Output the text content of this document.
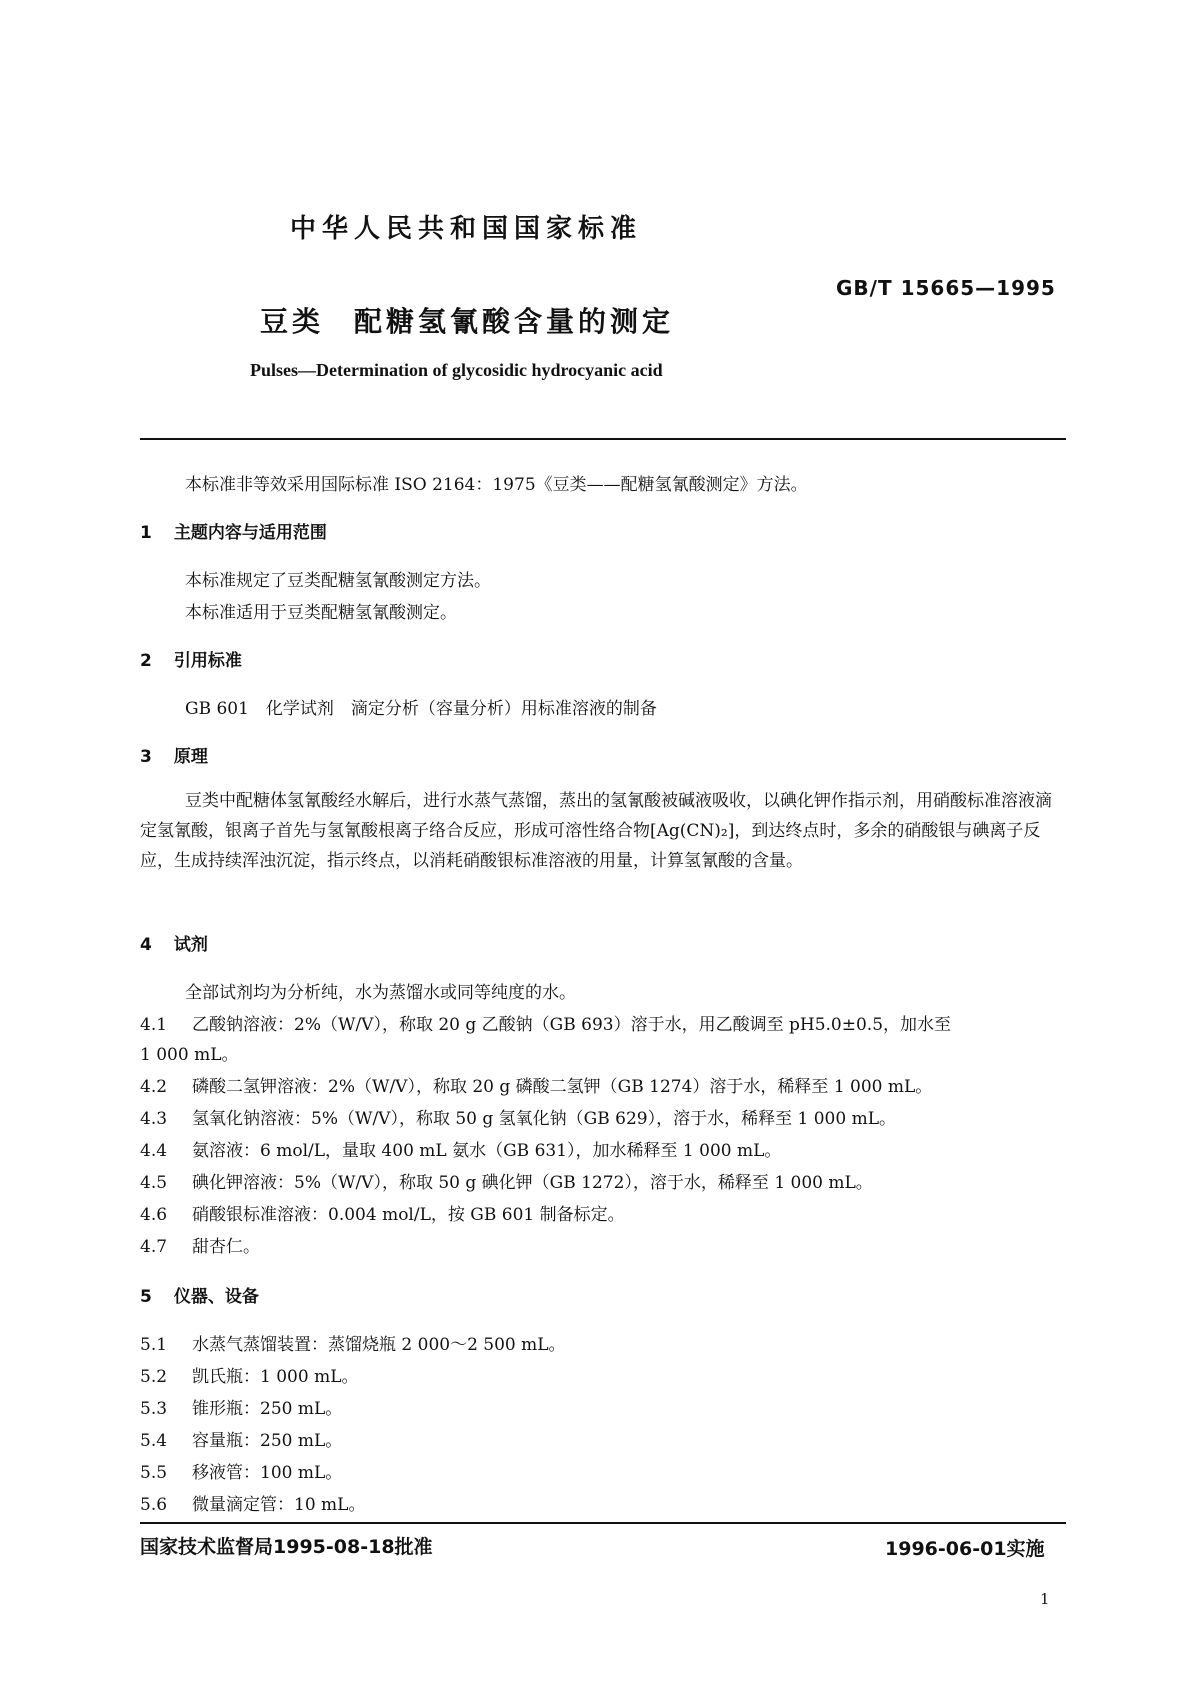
中华人民共和国国家标准
GB/T 15665—1995
豆类 配糖氢氰酸含量的测定
Pulses—Determination of glycosidic hydrocyanic acid
本标准非等效采用国际标准 ISO 2164：1975《豆类——配糖氢氰酸测定》方法。
1 主题内容与适用范围
本标准规定了豆类配糖氢氰酸测定方法。
本标准适用于豆类配糖氢氰酸测定。
2 引用标准
GB 601　化学试剂　滴定分析（容量分析）用标准溶液的制备
3 原理
豆类中配糖体氢氰酸经水解后，进行水蒸气蒸馏，蒸出的氢氰酸被碱液吸收，以碘化钾作指示剂，用硝酸标准溶液滴定氢氰酸，银离子首先与氢氰酸根离子络合反应，形成可溶性络合物[Ag(CN)₂]，到达终点时，多余的硝酸银与碘离子反应，生成持续浑浊沉淀，指示终点，以消耗硝酸银标准溶液的用量，计算氢氰酸的含量。
4 试剂
全部试剂均为分析纯，水为蒸馏水或同等纯度的水。
4.1 乙酸钠溶液：2%（W/V），称取 20 g 乙酸钠（GB 693）溶于水，用乙酸调至 pH5.0±0.5，加水至
1 000 mL。
4.2 磷酸二氢钾溶液：2%（W/V），称取 20 g 磷酸二氢钾（GB 1274）溶于水，稀释至 1 000 mL。
4.3 氢氧化钠溶液：5%（W/V），称取 50 g 氢氧化钠（GB 629），溶于水，稀释至 1 000 mL。
4.4 氨溶液：6 mol/L，量取 400 mL 氨水（GB 631），加水稀释至 1 000 mL。
4.5 碘化钾溶液：5%（W/V），称取 50 g 碘化钾（GB 1272），溶于水，稀释至 1 000 mL。
4.6 硝酸银标准溶液：0.004 mol/L，按 GB 601 制备标定。
4.7 甜杏仁。
5 仪器、设备
5.1 水蒸气蒸馏装置：蒸馏烧瓶 2 000～2 500 mL。
5.2 凯氏瓶：1 000 mL。
5.3 锥形瓶：250 mL。
5.4 容量瓶：250 mL。
5.5 移液管：100 mL。
5.6 微量滴定管：10 mL。
国家技术监督局1995-08-18批准	1996-06-01实施
1
